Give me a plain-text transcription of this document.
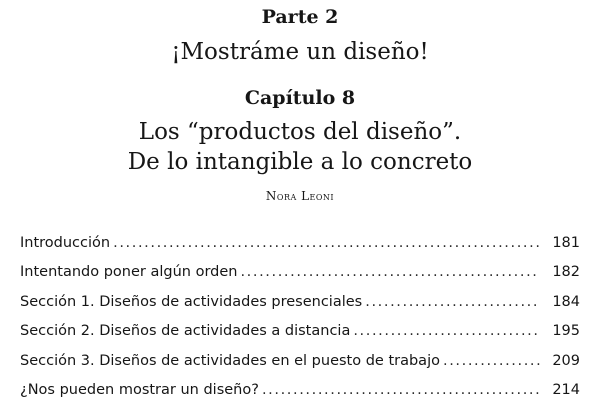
Parte 2
¡Mostráme un diseño!
Capítulo 8
Los “productos del diseño”.
De lo intangible a lo concreto
Nora Leoni
Introducción .....	181
Intentando poner algún orden .....	182
Sección 1. Diseños de actividades presenciales .....	184
Sección 2. Diseños de actividades a distancia .....	195
Sección 3. Diseños de actividades en el puesto de trabajo .....	209
¿Nos pueden mostrar un diseño? .....	214
